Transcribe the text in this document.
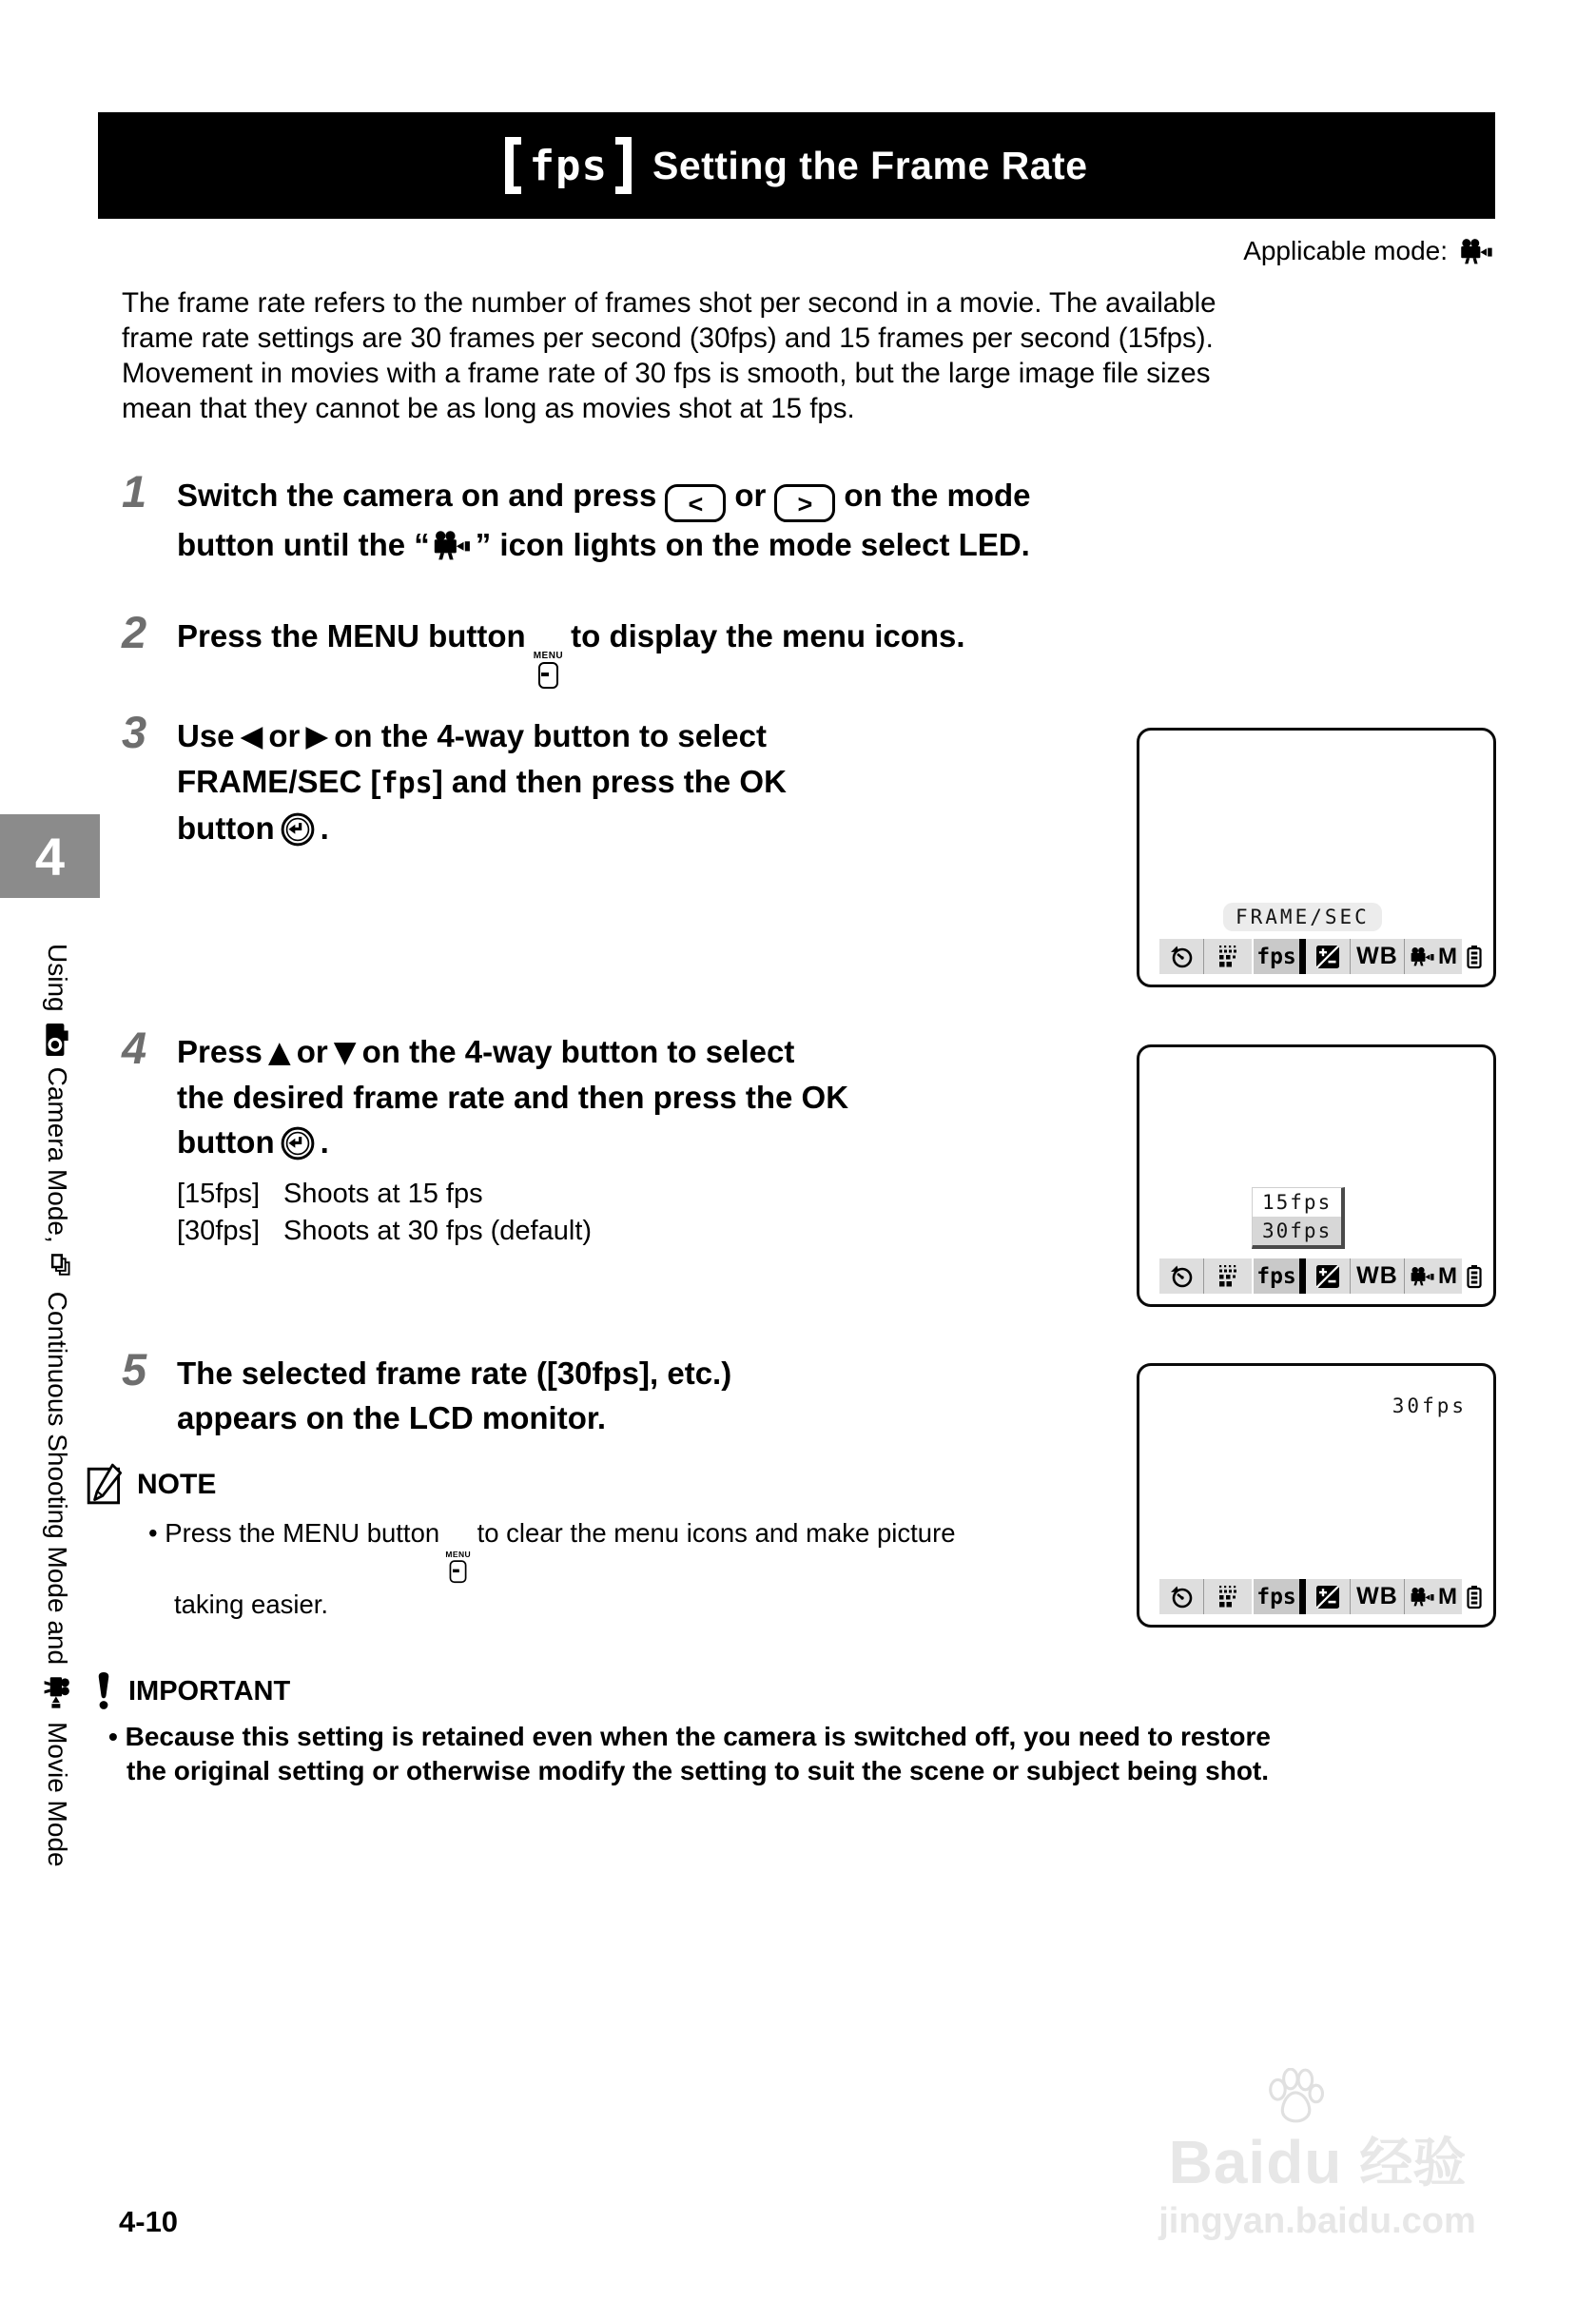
fps Setting the Frame Rate
Applicable mode:
The frame rate refers to the number of frames shot per second in a movie. The available
frame rate settings are 30 frames per second (30fps) and 15 frames per second (15fps).
Movement in movies with a frame rate of 30 fps is smooth, but the large image file sizes
mean that they cannot be as long as movies shot at 15 fps.
1 Switch the camera on and press < or > on the mode
button until the “ ” icon lights on the mode select LED.
2 Press the MENU button
MENU
to display the menu icons.
3 Use ◀ or ▶ on the 4-way button to select
FRAME/SEC [fps] and then press the OK
button .
FRAME/SEC
fps	WB M
4 Press ▲ or ▼ on the 4-way button to select
the desired frame rate and then press the OK
button .
[15fps] Shoots at 15 fps
[30fps] Shoots at 30 fps (default)
15fps
30fps
fps	WB M
5 The selected frame rate ([30fps], etc.)
appears on the LCD monitor.
NOTE
• Press the MENU button
MENU
to clear the menu icons and make picture
taking easier.
30fps
fps	WB M
IMPORTANT
• Because this setting is retained even when the camera is switched off, you need to restore
the original setting or otherwise modify the setting to suit the scene or subject being shot.
4
Using
Camera Mode,
Continuous Shooting Mode and
Movie Mode
4-10
Baidu 经验
jingyan.baidu.com
